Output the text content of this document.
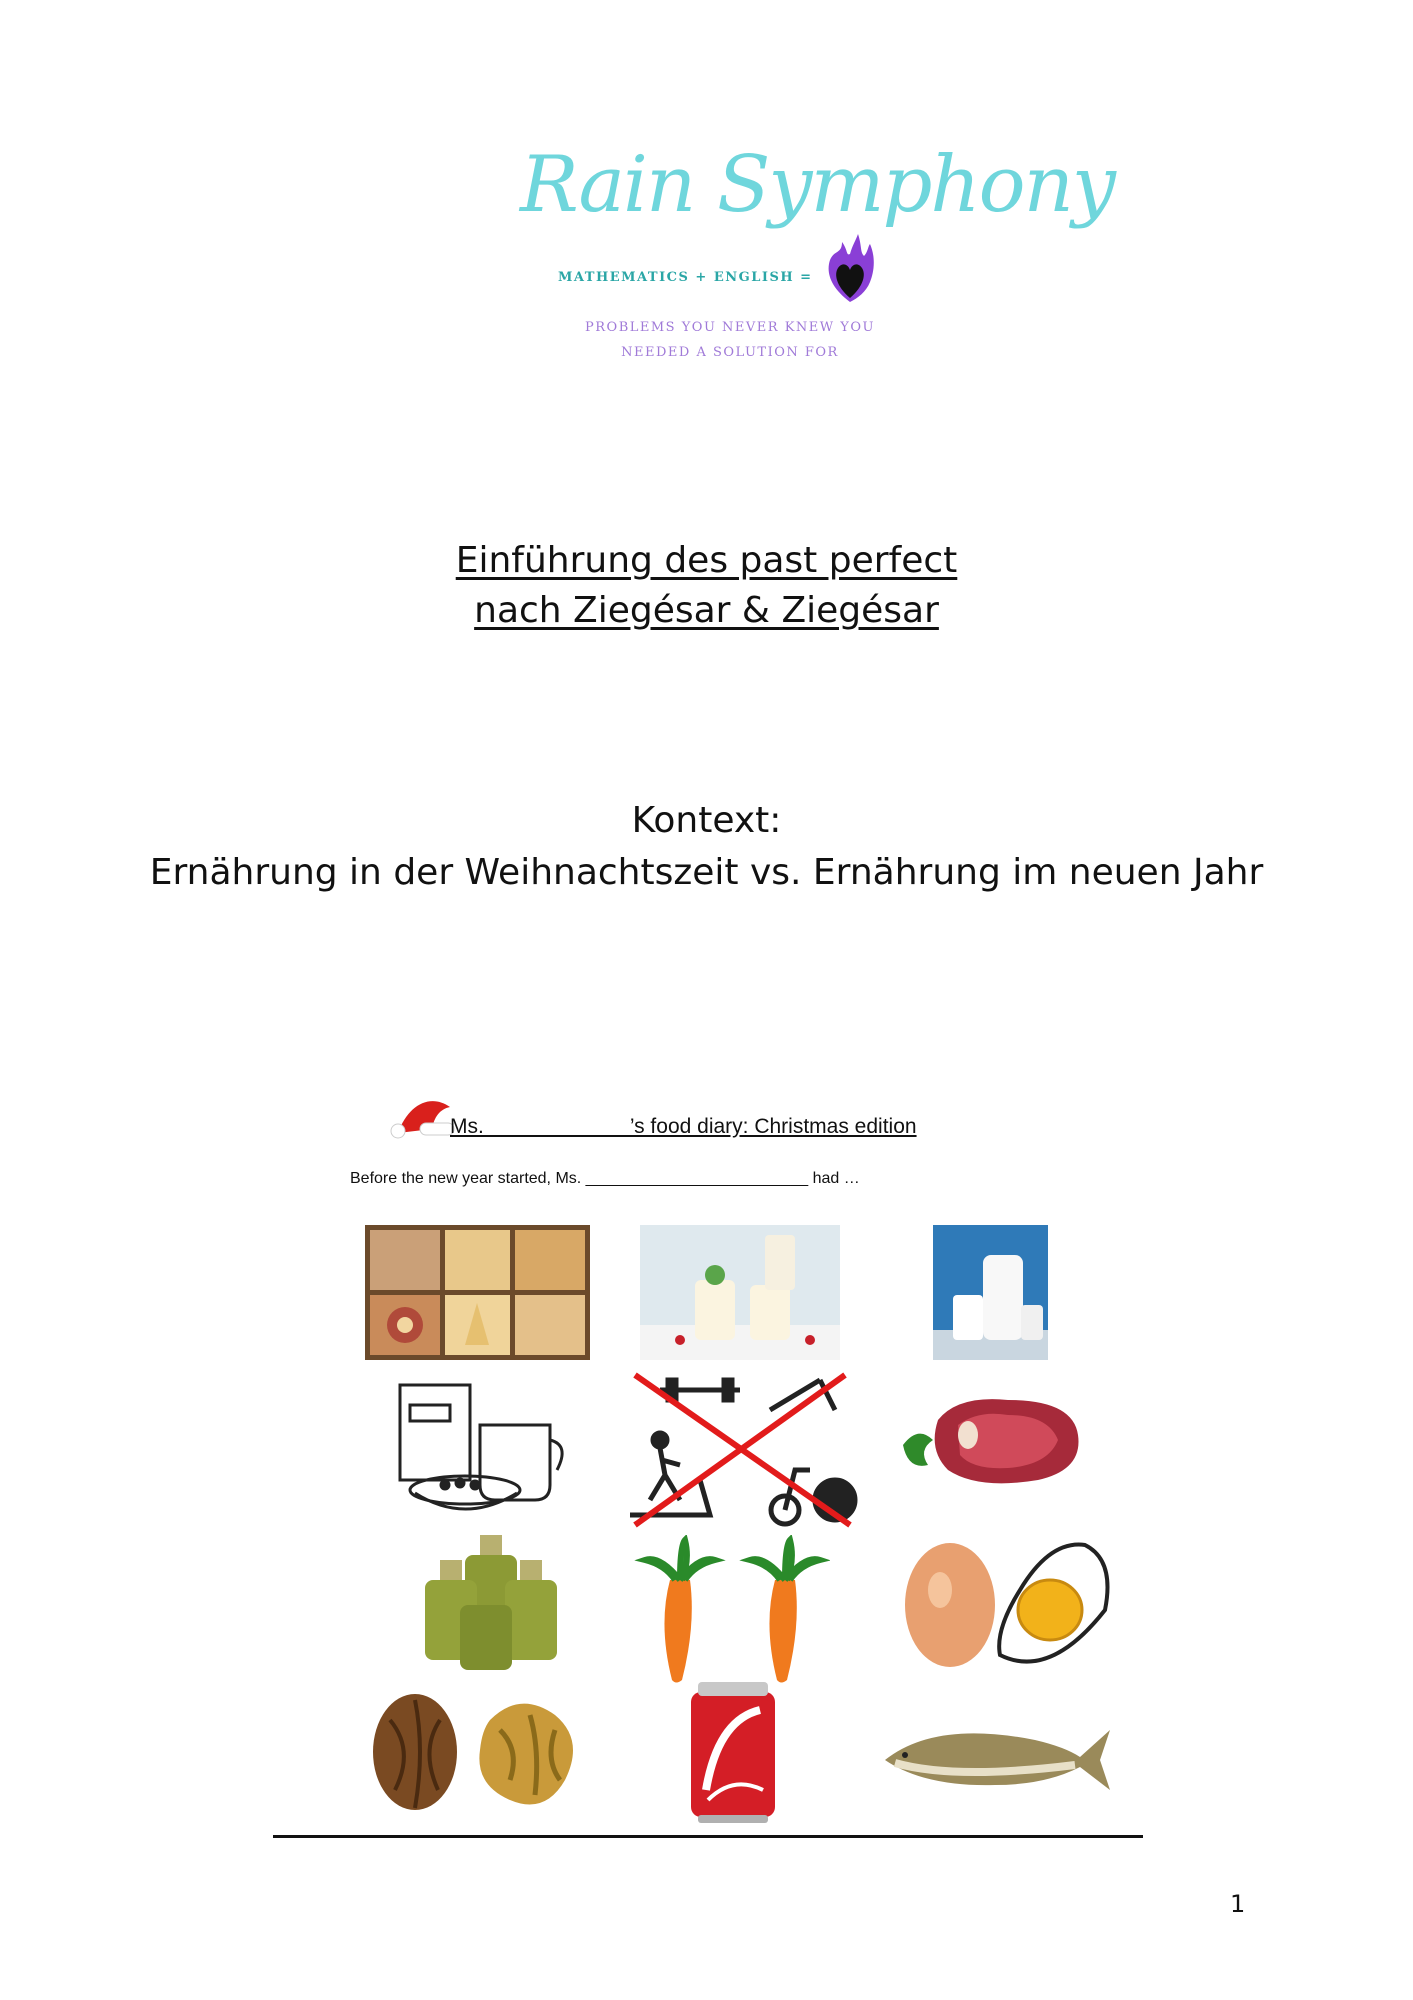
Rain Symphony
MATHEMATICS + ENGLISH =
PROBLEMS YOU NEVER KNEW YOU
NEEDED A SOLUTION FOR
Einführung des past perfect
nach Ziegésar & Ziegésar
Kontext:
Ernährung in der Weihnachtszeit vs. Ernährung im neuen Jahr
Ms. ____________’s food diary: Christmas edition
Before the new year started, Ms. _________________________ had …
1
